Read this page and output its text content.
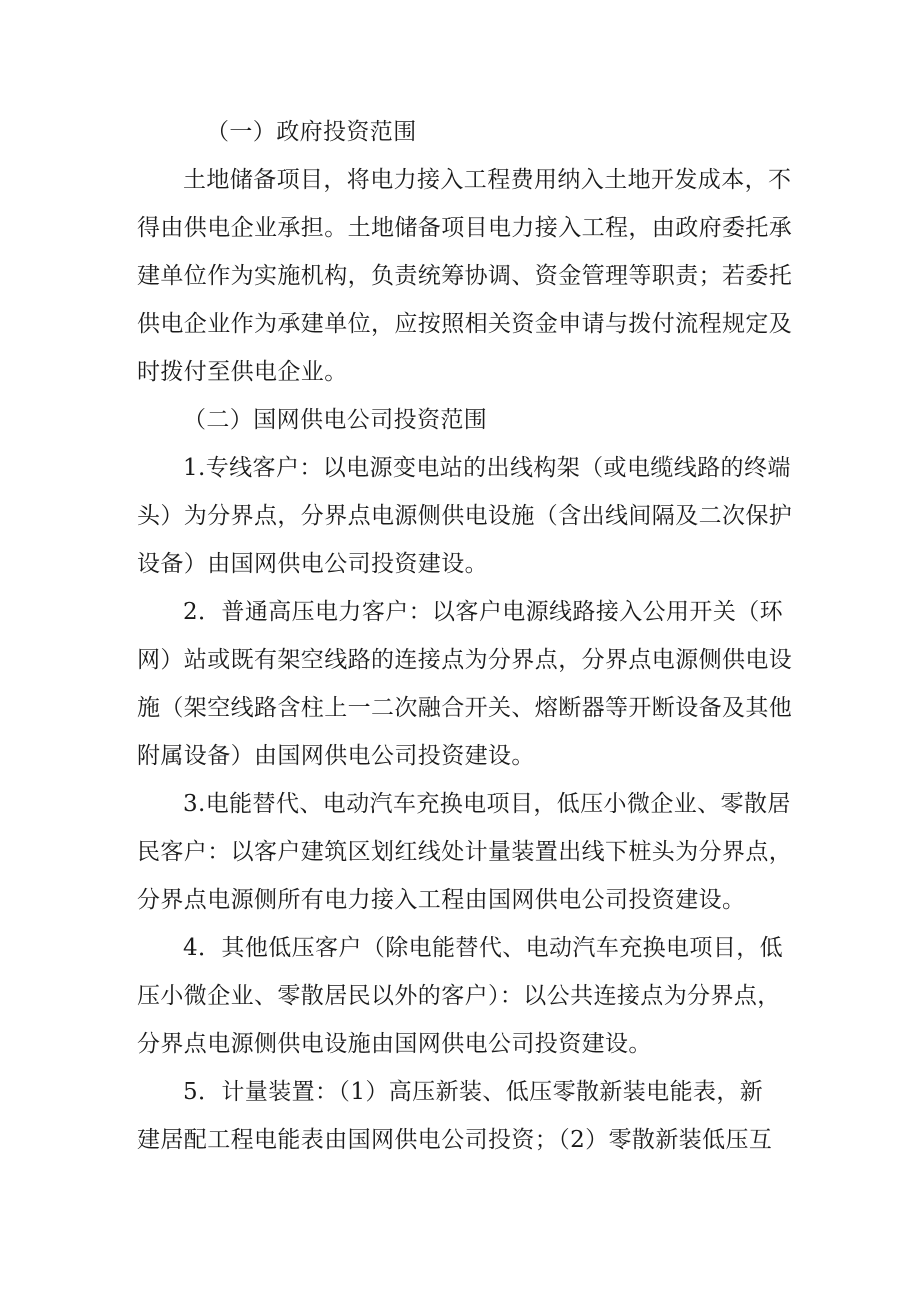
（一）政府投资范围
土地储备项目，将电力接入工程费用纳入土地开发成本，不
得由供电企业承担。土地储备项目电力接入工程，由政府委托承
建单位作为实施机构，负责统筹协调、资金管理等职责；若委托
供电企业作为承建单位，应按照相关资金申请与拨付流程规定及
时拨付至供电企业。
（二）国网供电公司投资范围
1.专线客户：以电源变电站的出线构架（或电缆线路的终端
头）为分界点，分界点电源侧供电设施（含出线间隔及二次保护
设备）由国网供电公司投资建设。
2．普通高压电力客户：以客户电源线路接入公用开关（环
网）站或既有架空线路的连接点为分界点，分界点电源侧供电设
施（架空线路含柱上一二次融合开关、熔断器等开断设备及其他
附属设备）由国网供电公司投资建设。
3.电能替代、电动汽车充换电项目，低压小微企业、零散居
民客户：以客户建筑区划红线处计量装置出线下桩头为分界点，
分界点电源侧所有电力接入工程由国网供电公司投资建设。
4．其他低压客户（除电能替代、电动汽车充换电项目，低
压小微企业、零散居民以外的客户）：以公共连接点为分界点，
分界点电源侧供电设施由国网供电公司投资建设。
5．计量装置：（1）高压新装、低压零散新装电能表，新
建居配工程电能表由国网供电公司投资；（2）零散新装低压互
